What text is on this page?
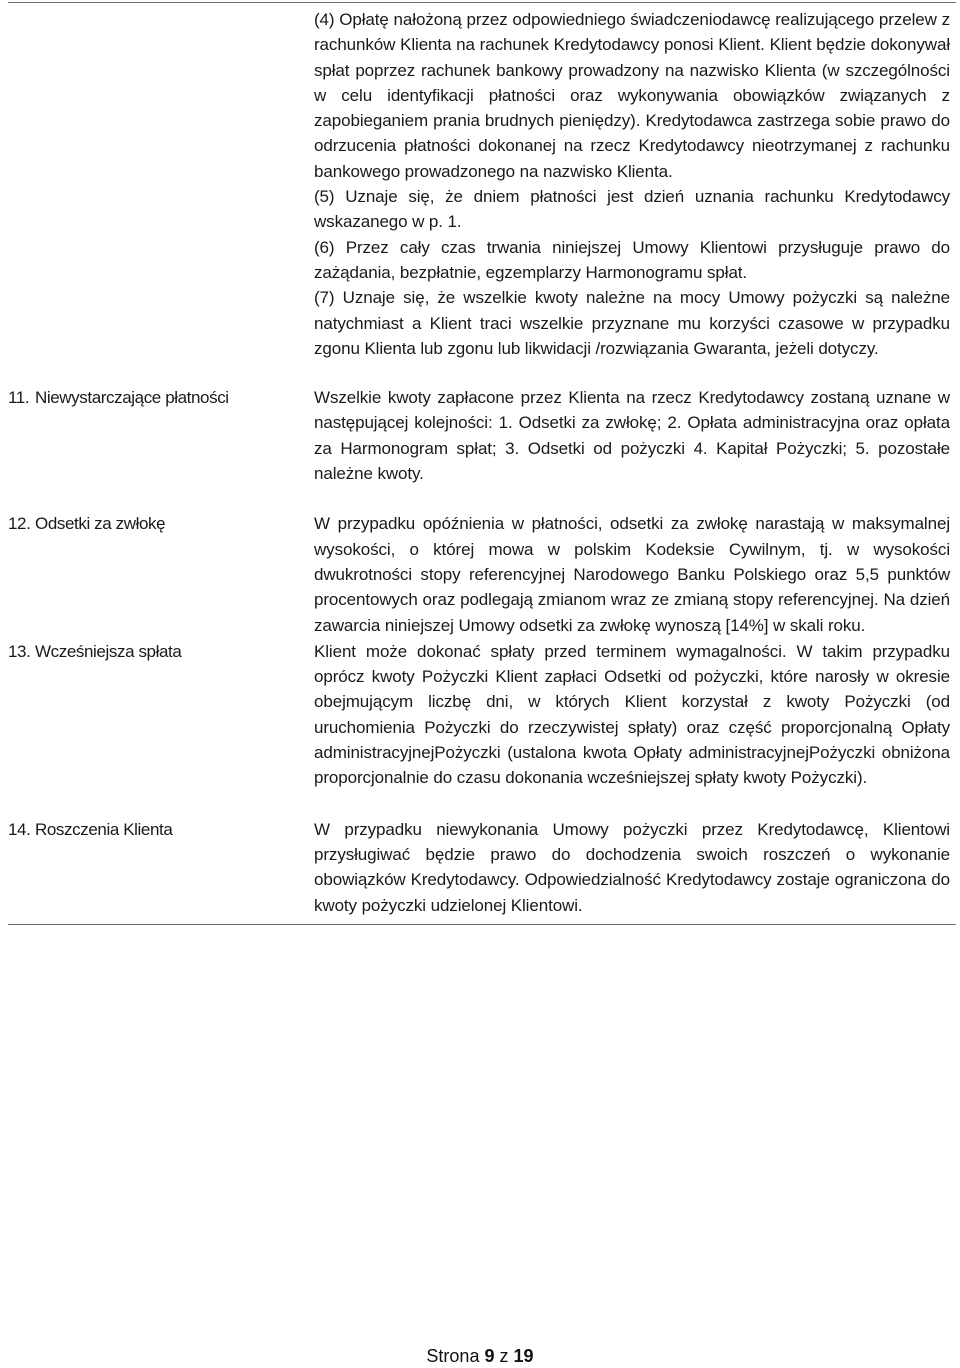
(4) Opłatę nałożoną przez odpowiedniego świadczeniodawcę realizującego przelew z rachunków Klienta na rachunek Kredytodawcy ponosi Klient. Klient będzie dokonywał spłat poprzez rachunek bankowy prowadzony na nazwisko Klienta (w szczególności w celu identyfikacji płatności oraz wykonywania obowiązków związanych z zapobieganiem prania brudnych pieniędzy). Kredytodawca zastrzega sobie prawo do odrzucenia płatności dokonanej na rzecz Kredytodawcy nieotrzymanej z rachunku bankowego prowadzonego na nazwisko Klienta.

(5) Uznaje się, że dniem płatności jest dzień uznania rachunku Kredytodawcy wskazanego w p. 1.

(6) Przez cały czas trwania niniejszej Umowy Klientowi przysługuje prawo do zażądania, bezpłatnie, egzemplarzy Harmonogramu spłat.

(7) Uznaje się, że wszelkie kwoty należne na mocy Umowy pożyczki są należne natychmiast a Klient traci wszelkie przyznane mu korzyści czasowe w przypadku zgonu Klienta lub zgonu lub likwidacji /rozwiązania Gwaranta, jeżeli dotyczy.

11. Niewystarczające płatności	Wszelkie kwoty zapłacone przez Klienta na rzecz Kredytodawcy zostaną uznane w następującej kolejności: 1. Odsetki za zwłokę; 2. Opłata administracyjna oraz opłata za Harmonogram spłat; 3. Odsetki od pożyczki 4. Kapitał Pożyczki; 5. pozostałe należne kwoty.

12. Odsetki za zwłokę	W przypadku opóźnienia w płatności, odsetki za zwłokę narastają w maksymalnej wysokości, o której mowa w polskim Kodeksie Cywilnym, tj. w wysokości dwukrotności stopy referencyjnej Narodowego Banku Polskiego oraz 5,5 punktów procentowych oraz podlegają zmianom wraz ze zmianą stopy referencyjnej. Na dzień zawarcia niniejszej Umowy odsetki za zwłokę wynoszą [14%] w skali roku.

13. Wcześniejsza spłata	Klient może dokonać spłaty przed terminem wymagalności. W takim przypadku oprócz kwoty Pożyczki Klient zapłaci Odsetki od pożyczki, które narosły w okresie obejmującym liczbę dni, w których Klient korzystał z kwoty Pożyczki (od uruchomienia Pożyczki do rzeczywistej spłaty) oraz część proporcjonalną Opłaty administracyjnejPożyczki (ustalona kwota Opłaty administracyjnejPożyczki obniżona proporcjonalnie do czasu dokonania wcześniejszej spłaty kwoty Pożyczki).

14. Roszczenia Klienta	W przypadku niewykonania Umowy pożyczki przez Kredytodawcę, Klientowi przysługiwać będzie prawo do dochodzenia swoich roszczeń o wykonanie obowiązków Kredytodawcy. Odpowiedzialność Kredytodawcy zostaje ograniczona do kwoty pożyczki udzielonej Klientowi.

Strona 9 z 19
